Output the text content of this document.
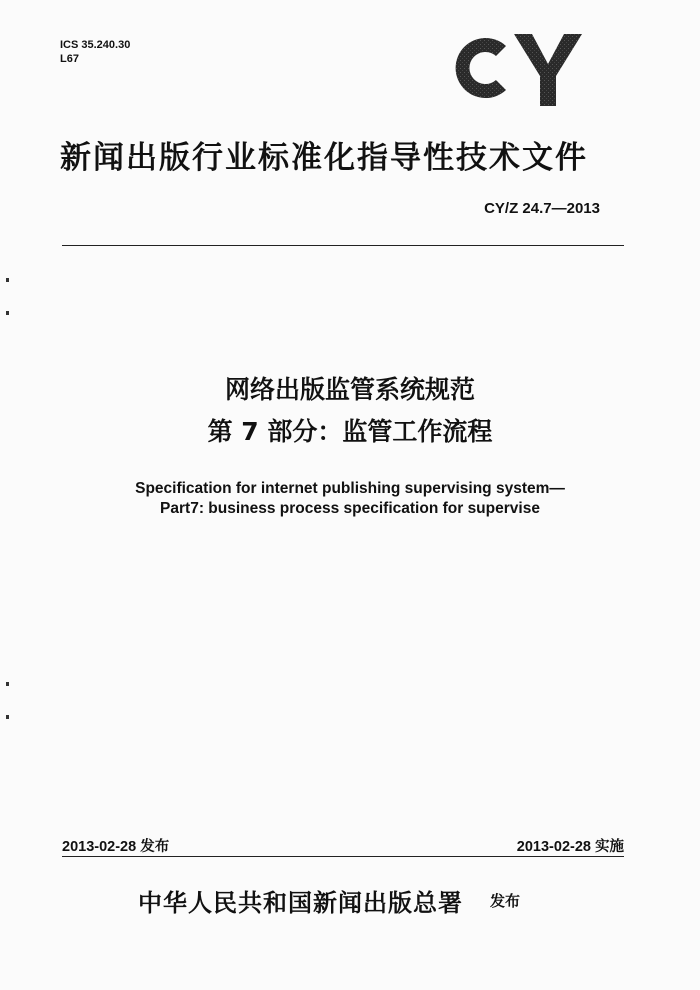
ICS 35.240.30
L67
新闻出版行业标准化指导性技术文件
CY/Z 24.7—2013
网络出版监管系统规范
第 7 部分：监管工作流程
Specification for internet publishing supervising system—
Part7: business process specification for supervise
2013-02-28 发布	2013-02-28 实施
中华人民共和国新闻出版总署 发布
